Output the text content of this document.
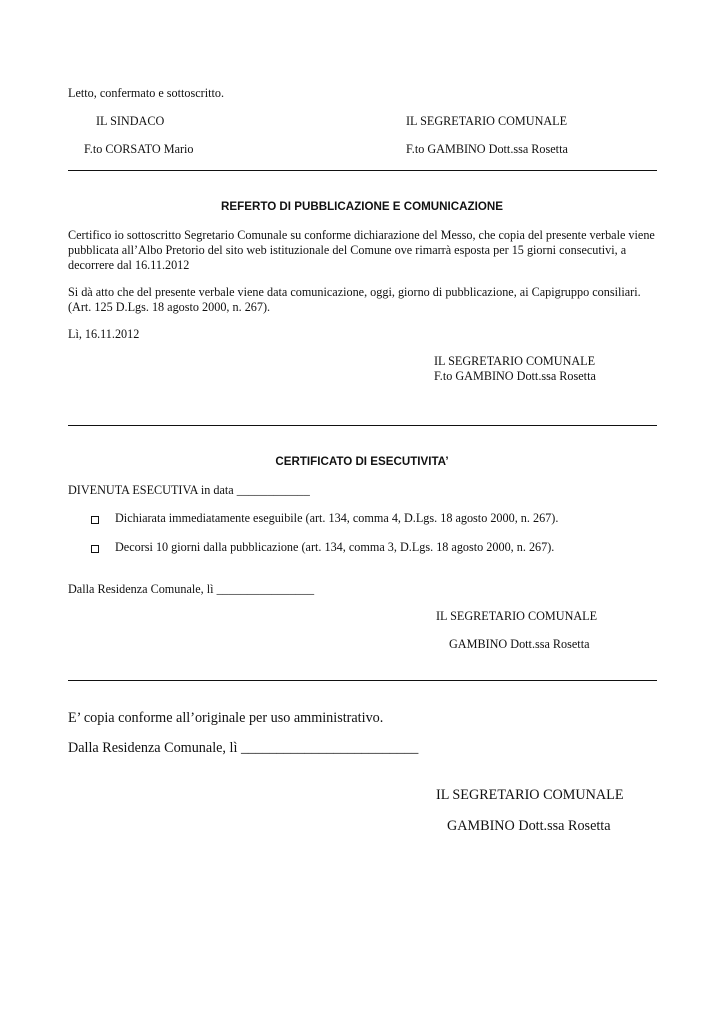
Letto, confermato e sottoscritto.
IL SINDACO	IL SEGRETARIO COMUNALE
F.to CORSATO Mario	F.to GAMBINO Dott.ssa Rosetta
REFERTO DI PUBBLICAZIONE E COMUNICAZIONE
Certifico io sottoscritto Segretario Comunale su conforme dichiarazione del Messo, che copia del presente verbale viene
pubblicata all’Albo Pretorio del sito web istituzionale del Comune ove rimarrà esposta per 15 giorni consecutivi, a
decorrere dal 16.11.2012
Si dà atto che del presente verbale viene data comunicazione, oggi, giorno di pubblicazione, ai Capigruppo consiliari.
(Art. 125 D.Lgs. 18 agosto 2000, n. 267).
Lì, 16.11.2012
IL SEGRETARIO COMUNALE
F.to GAMBINO Dott.ssa Rosetta
CERTIFICATO DI ESECUTIVITA’
DIVENUTA ESECUTIVA in data ____________
Dichiarata immediatamente eseguibile (art. 134, comma 4, D.Lgs. 18 agosto 2000, n. 267).
Decorsi 10 giorni dalla pubblicazione (art. 134, comma 3, D.Lgs. 18 agosto 2000, n. 267).
Dalla Residenza Comunale, lì ________________
IL SEGRETARIO COMUNALE
GAMBINO Dott.ssa Rosetta
E’ copia conforme all’originale per uso amministrativo.
Dalla Residenza Comunale, lì _________________________
IL SEGRETARIO COMUNALE
GAMBINO Dott.ssa Rosetta
